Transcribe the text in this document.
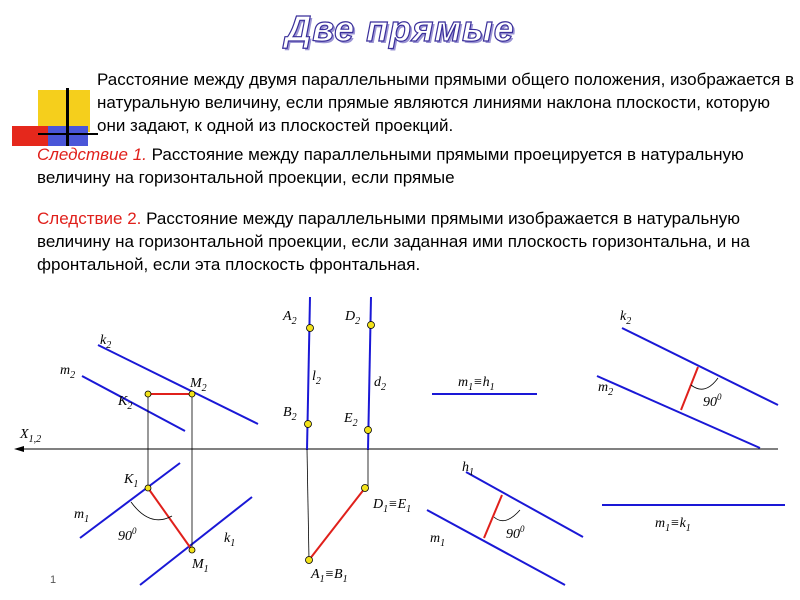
Две прямые

Расстояние между двумя параллельными прямыми общего положения, изображается в натуральную величину, если прямые являются линиями наклона плоскости, которую они задают, к одной из плоскостей проекций.

Следствие 1. Расстояние между параллельными прямыми проецируется в натуральную величину на горизонтальной проекции, если прямые

Следствие 2. Расстояние между параллельными прямыми изображается в натуральную величину на горизонтальной проекции, если заданная ими плоскость горизонтальна, и на фронтальной, если эта плоскость фронтальная.

$k_2$
$m_2$
$M_2$
$K_2$
$X_{1,2}$
$K_1$
$m_1$
$90^0$	$k_1$
$M_1$
$A_2$	$D_2$
$l_2$	$d_2$
$B_2$	$E_2$
$D_1\equiv E_1$
$A_1\equiv B_1$
$m_1\equiv h_1$
$h_1$
$m_1$
$90^0$
$k_2$
$m_2$
$90^0$
$m_1\equiv k_1$
1
